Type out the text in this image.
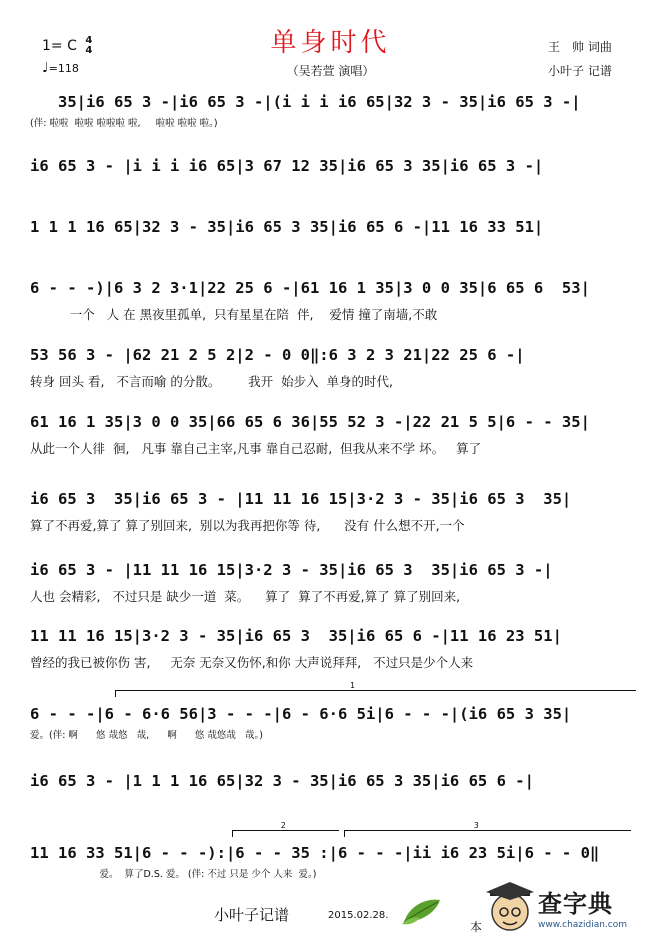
单身时代
（吴若萱 演唱）
1= C 4
4
♩=118
王　帅 词曲
小叶子 记谱
35|i6 65 3 -|i6 65 3 -|(i i i i6 65|32 3 - 35|i6 65 3 -|
(伴: 啦啦  啦啦 啦啦啦 啦,     啦啦 啦啦 啦。)
i6 65 3 - |i i i i6 65|3 67 12 35|i6 65 3 35|i6 65 3 -|
1 1 1 16 65|32 3 - 35|i6 65 3 35|i6 65 6 -|11 16 33 51|
6 - - -)|6 3 2 3·1|22 25 6 -|61 16 1 35|3 0 0 35|6 65 6  53|
一个   人 在 黑夜里孤单,  只有星星在陪  伴,    爱情 撞了南墙,不敢
53 56 3 - |62 21 2 5 2|2 - 0 0‖:6 3 2 3 21|22 25 6 -|
转身 回头 看,   不言而喻 的分散。       我开  始步入  单身的时代,
61 16 1 35|3 0 0 35|66 65 6 36|55 52 3 -|22 21 5 5|6 - - 35|
从此一个人徘  徊,   凡事 靠自己主宰,凡事 靠自己忍耐,  但我从来不学 坏。   算了
i6 65 3  35|i6 65 3 - |11 11 16 15|3·2 3 - 35|i6 65 3  35|
算了不再爱,算了 算了别回来,  别以为我再把你等 待,      没有 什么想不开,一个
i6 65 3 - |11 11 16 15|3·2 3 - 35|i6 65 3  35|i6 65 3 -|
人也 会精彩,   不过只是 缺少一道  菜。    算了  算了不再爱,算了 算了别回来,
11 11 16 15|3·2 3 - 35|i6 65 3  35|i6 65 6 -|11 16 23 51|
曾经的我已被你伤 害,     无奈 无奈又伤怀,和你 大声说拜拜,   不过只是少个人来
6 - - -|6 - 6·6 56|3 - - -|6 - 6·6 5i|6 - - -|(i6 65 3 35|
爱。(伴: 啊      悠 哉悠   哉,      啊      悠 哉悠哉   哉。)
i6 65 3 - |1 1 1 16 65|32 3 - 35|i6 65 3 35|i6 65 6 -|
11 16 33 51|6 - - -):|6 - - 35 :|6 - - -|ii i6 23 5i|6 - - 0‖
爱。  算了D.S. 爱。 (伴: 不过 只是 少个 人来  爱。)
1
2	3
小叶子记谱	2015.02.28.
本
查字典
www.chazidian.com
